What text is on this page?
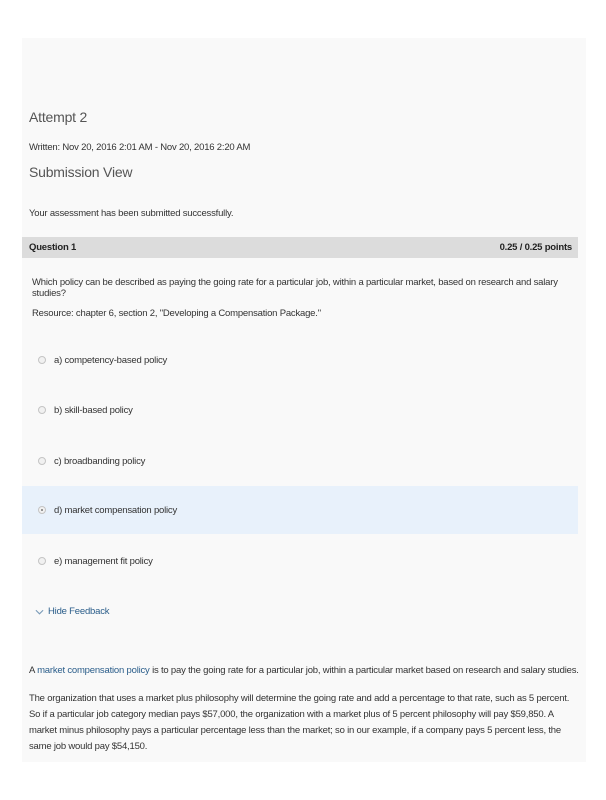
Attempt 2
Written: Nov 20, 2016 2:01 AM - Nov 20, 2016 2:20 AM
Submission View
Your assessment has been submitted successfully.
Question 1	0.25 / 0.25 points
Which policy can be described as paying the going rate for a particular job, within a particular market, based on research and salary studies?
Resource: chapter 6, section 2, "Developing a Compensation Package."
a) competency-based policy
b) skill-based policy
c) broadbanding policy
d) market compensation policy
e) management fit policy
Hide Feedback
A market compensation policy is to pay the going rate for a particular job, within a particular market based on research and salary studies.

The organization that uses a market plus philosophy will determine the going rate and add a percentage to that rate, such as 5 percent. So if a particular job category median pays $57,000, the organization with a market plus of 5 percent philosophy will pay $59,850. A market minus philosophy pays a particular percentage less than the market; so in our example, if a company pays 5 percent less, the same job would pay $54,150.
